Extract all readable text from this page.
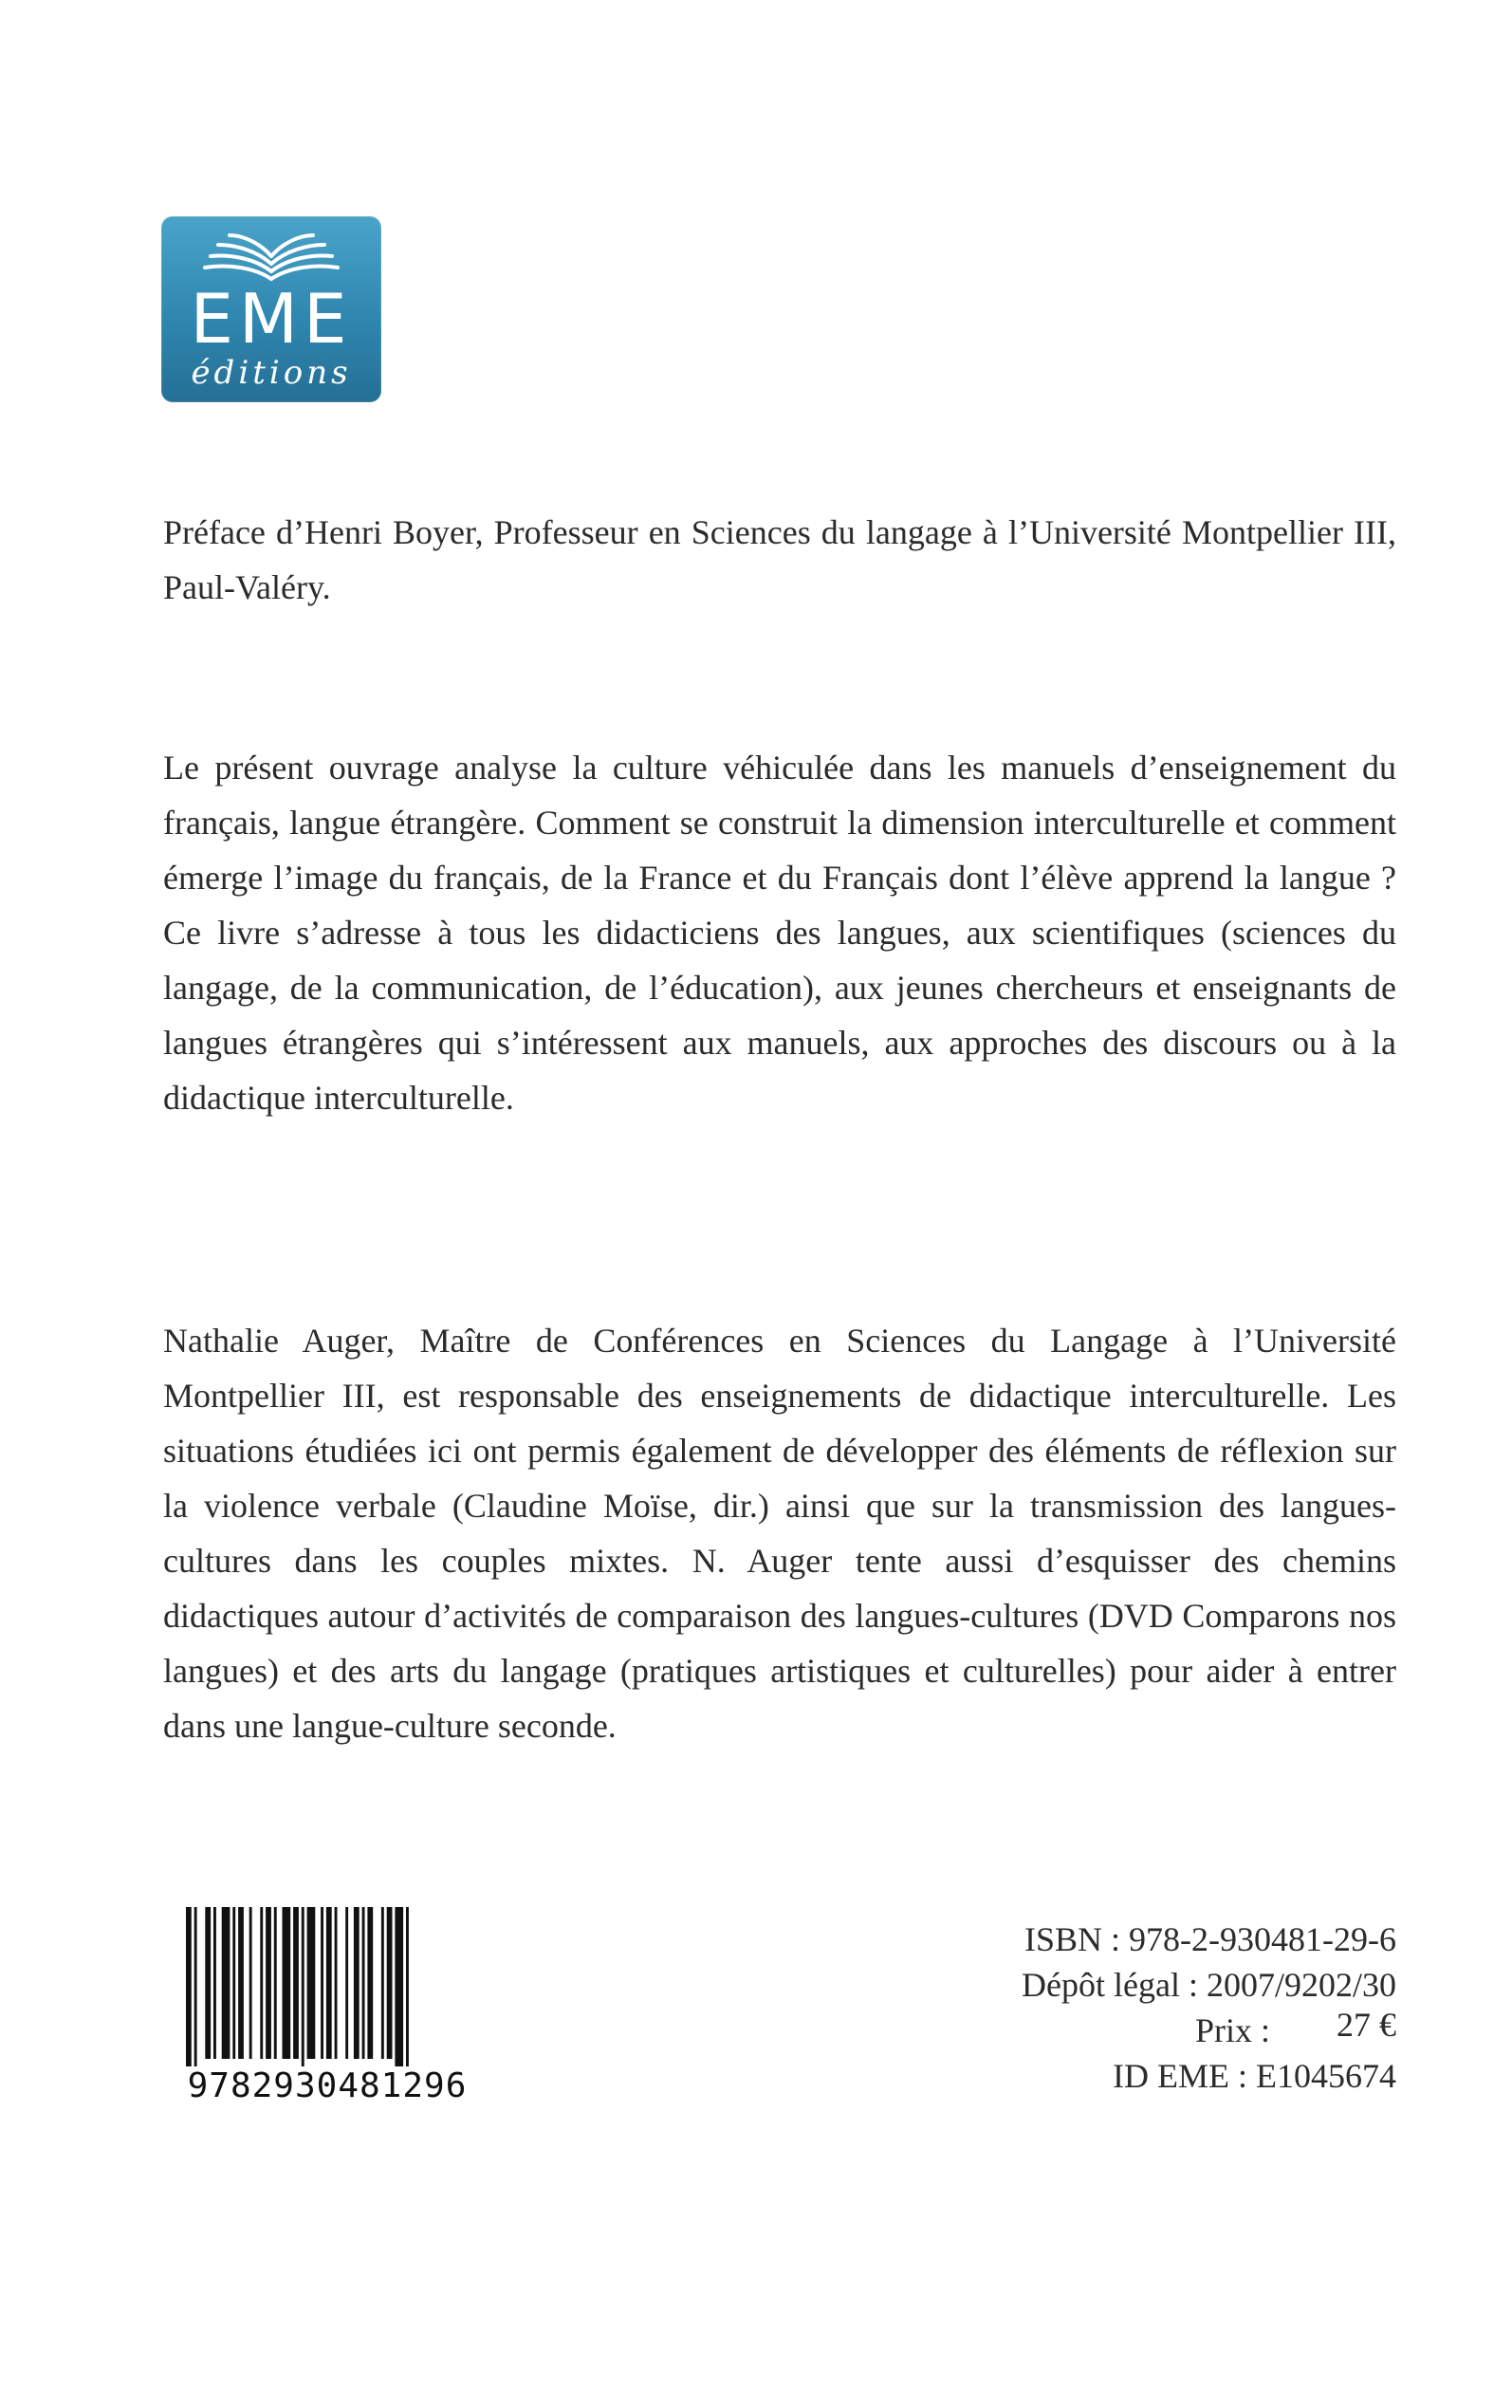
EME
éditions

Préface d’Henri Boyer, Professeur en Sciences du langage à l’Université Montpellier III, Paul-Valéry.

Le présent ouvrage analyse la culture véhiculée dans les manuels d’enseignement du français, langue étrangère. Comment se construit la dimension interculturelle et comment émerge l’image du français, de la France et du Français dont l’élève apprend la langue ? Ce livre s’adresse à tous les didacticiens des langues, aux scientifiques (sciences du langage, de la communication, de l’éducation), aux jeunes chercheurs et enseignants de langues étrangères qui s’intéressent aux manuels, aux approches des discours ou à la didactique interculturelle.

Nathalie Auger, Maître de Conférences en Sciences du Langage à l’Université Montpellier III, est responsable des enseignements de didactique interculturelle. Les situations étudiées ici ont permis également de développer des éléments de réflexion sur la violence verbale (Claudine Moïse, dir.) ainsi que sur la transmission des langues-cultures dans les couples mixtes. N. Auger tente aussi d’esquisser des chemins didactiques autour d’activités de comparaison des langues-cultures (DVD Comparons nos langues) et des arts du langage (pratiques artistiques et culturelles) pour aider à entrer dans une langue-culture seconde.

9782930481296
ISBN : 978-2-930481-29-6
Dépôt légal : 2007/9202/30
Prix : 27 €
ID EME : E1045674
